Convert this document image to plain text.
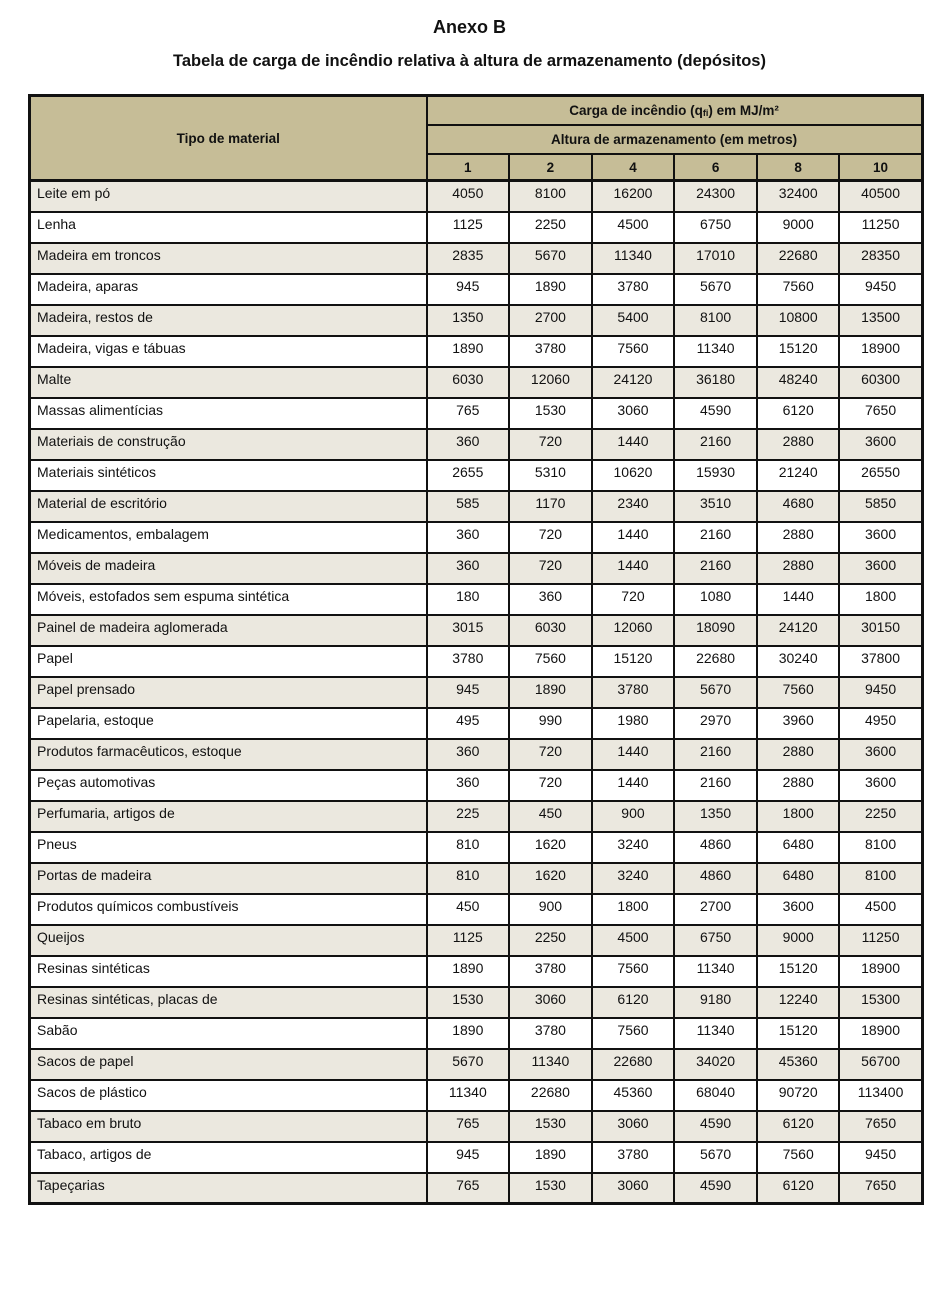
Anexo B
Tabela de carga de incêndio relativa à altura de armazenamento (depósitos)
Tipo de material	Carga de incêndio $(q_{fi})$ em MJ/m²					
	Altura de armazenamento (em metros)					
	1	2	4	6	8	10
Leite em pó	4050	8100	16200	24300	32400	40500
Lenha	1125	2250	4500	6750	9000	11250
Madeira em troncos	2835	5670	11340	17010	22680	28350
Madeira, aparas	945	1890	3780	5670	7560	9450
Madeira, restos de	1350	2700	5400	8100	10800	13500
Madeira, vigas e tábuas	1890	3780	7560	11340	15120	18900
Malte	6030	12060	24120	36180	48240	60300
Massas alimentícias	765	1530	3060	4590	6120	7650
Materiais de construção	360	720	1440	2160	2880	3600
Materiais sintéticos	2655	5310	10620	15930	21240	26550
Material de escritório	585	1170	2340	3510	4680	5850
Medicamentos, embalagem	360	720	1440	2160	2880	3600
Móveis de madeira	360	720	1440	2160	2880	3600
Móveis, estofados sem espuma sintética	180	360	720	1080	1440	1800
Painel de madeira aglomerada	3015	6030	12060	18090	24120	30150
Papel	3780	7560	15120	22680	30240	37800
Papel prensado	945	1890	3780	5670	7560	9450
Papelaria, estoque	495	990	1980	2970	3960	4950
Produtos farmacêuticos, estoque	360	720	1440	2160	2880	3600
Peças automotivas	360	720	1440	2160	2880	3600
Perfumaria, artigos de	225	450	900	1350	1800	2250
Pneus	810	1620	3240	4860	6480	8100
Portas de madeira	810	1620	3240	4860	6480	8100
Produtos químicos combustíveis	450	900	1800	2700	3600	4500
Queijos	1125	2250	4500	6750	9000	11250
Resinas sintéticas	1890	3780	7560	11340	15120	18900
Resinas sintéticas, placas de	1530	3060	6120	9180	12240	15300
Sabão	1890	3780	7560	11340	15120	18900
Sacos de papel	5670	11340	22680	34020	45360	56700
Sacos de plástico	11340	22680	45360	68040	90720	113400
Tabaco em bruto	765	1530	3060	4590	6120	7650
Tabaco, artigos de	945	1890	3780	5670	7560	9450
Tapeçarias	765	1530	3060	4590	6120	7650
